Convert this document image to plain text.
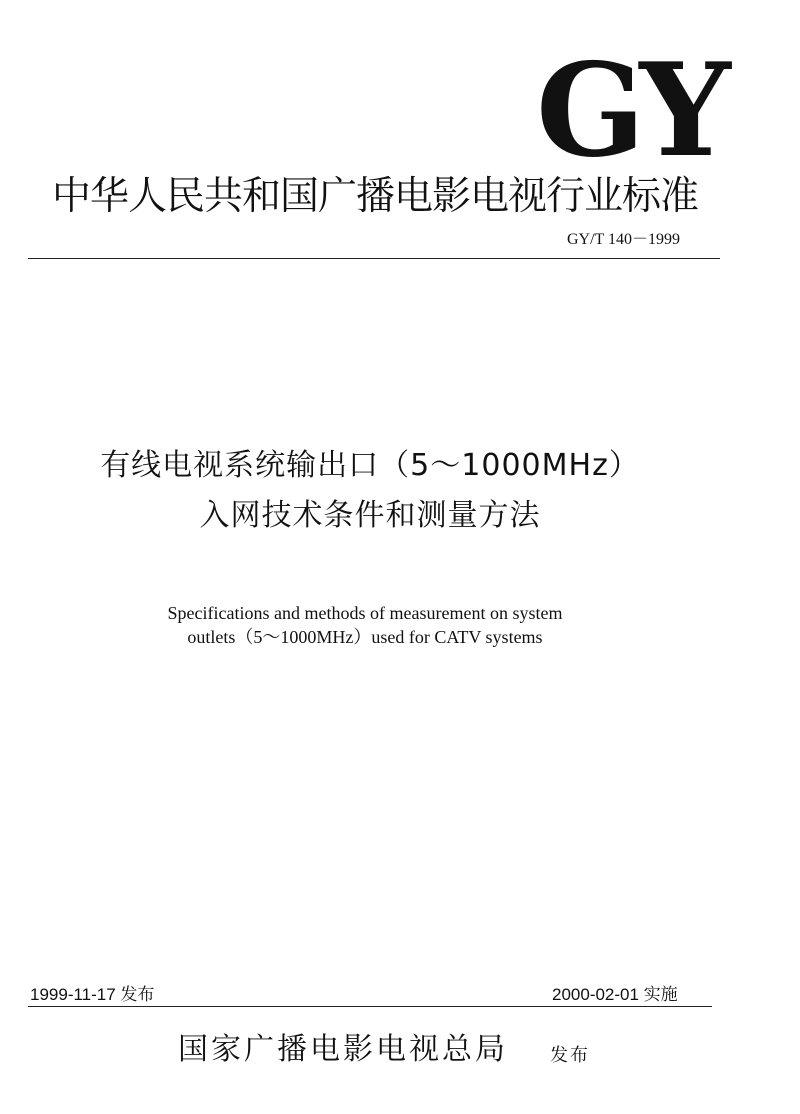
GY
中华人民共和国广播电影电视行业标准
GY/T 140－1999
有线电视系统输出口（5～1000MHz）
入网技术条件和测量方法
Specifications and methods of measurement on system
outlets（5～1000MHz）used for CATV systems
1999-11-17 发布	2000-02-01 实施
国家广播电影电视总局 发布
